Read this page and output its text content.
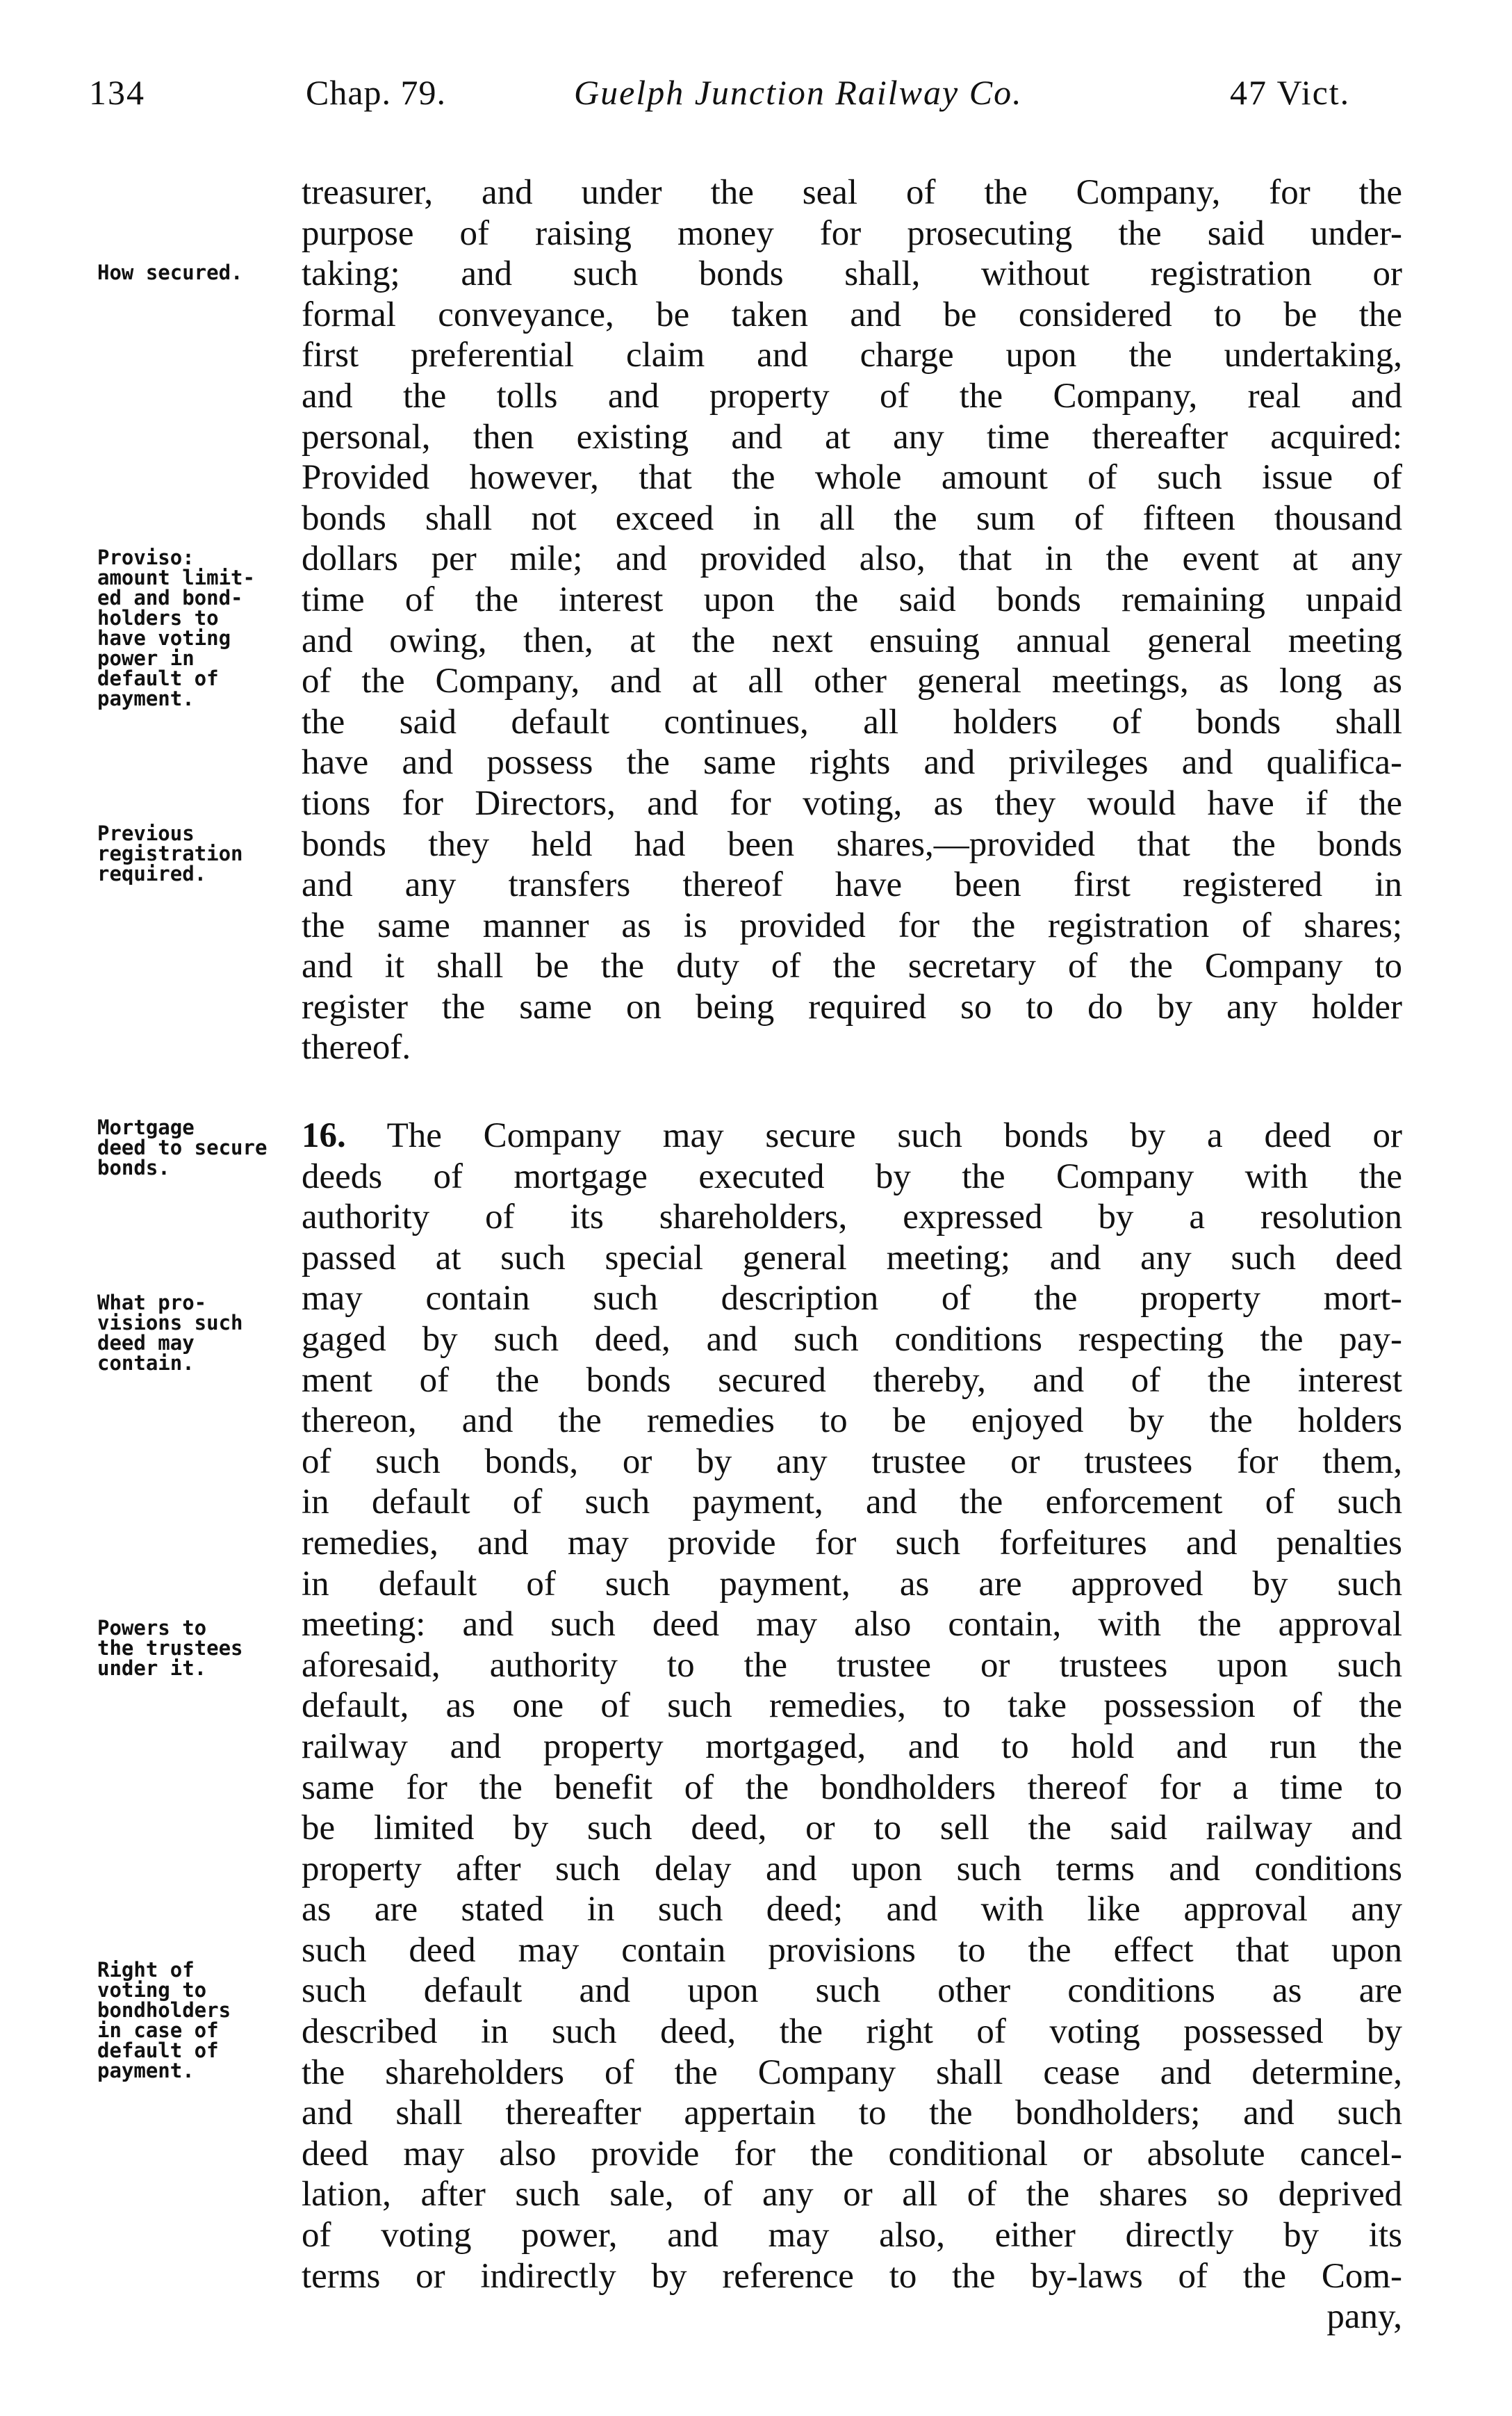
134	Chap. 79.	Guelph Junction Railway Co.	47 Vict.
How secured.
Proviso:
amount limit-
ed and bond-
holders to
have voting
power in
default of
payment.
Previous
registration
required.
Mortgage
deed to secure
bonds.
What pro-
visions such
deed may
contain.
Powers to
the trustees
under it.
Right of
voting to
bondholders
in case of
default of
payment.
treasurer, and under the seal of the Company, for the
purpose of raising money for prosecuting the said under-
taking; and such bonds shall, without registration or
formal conveyance, be taken and be considered to be the
first preferential claim and charge upon the undertaking,
and the tolls and property of the Company, real and
personal, then existing and at any time thereafter acquired:
Provided however, that the whole amount of such issue of
bonds shall not exceed in all the sum of fifteen thousand
dollars per mile; and provided also, that in the event at any
time of the interest upon the said bonds remaining unpaid
and owing, then, at the next ensuing annual general meeting
of the Company, and at all other general meetings, as long as
the said default continues, all holders of bonds shall
have and possess the same rights and privileges and qualifica-
tions for Directors, and for voting, as they would have if the
bonds they held had been shares,—provided that the bonds
and any transfers thereof have been first registered in
the same manner as is provided for the registration of shares;
and it shall be the duty of the secretary of the Company to
register the same on being required so to do by any holder
thereof.
16. The Company may secure such bonds by a deed or
deeds of mortgage executed by the Company with the
authority of its shareholders, expressed by a resolution
passed at such special general meeting; and any such deed
may contain such description of the property mort-
gaged by such deed, and such conditions respecting the pay-
ment of the bonds secured thereby, and of the interest
thereon, and the remedies to be enjoyed by the holders
of such bonds, or by any trustee or trustees for them,
in default of such payment, and the enforcement of such
remedies, and may provide for such forfeitures and penalties
in default of such payment, as are approved by such
meeting: and such deed may also contain, with the approval
aforesaid, authority to the trustee or trustees upon such
default, as one of such remedies, to take possession of the
railway and property mortgaged, and to hold and run the
same for the benefit of the bondholders thereof for a time to
be limited by such deed, or to sell the said railway and
property after such delay and upon such terms and conditions
as are stated in such deed; and with like approval any
such deed may contain provisions to the effect that upon
such default and upon such other conditions as are
described in such deed, the right of voting possessed by
the shareholders of the Company shall cease and determine,
and shall thereafter appertain to the bondholders; and such
deed may also provide for the conditional or absolute cancel-
lation, after such sale, of any or all of the shares so deprived
of voting power, and may also, either directly by its
terms or indirectly by reference to the by-laws of the Com-
pany,
